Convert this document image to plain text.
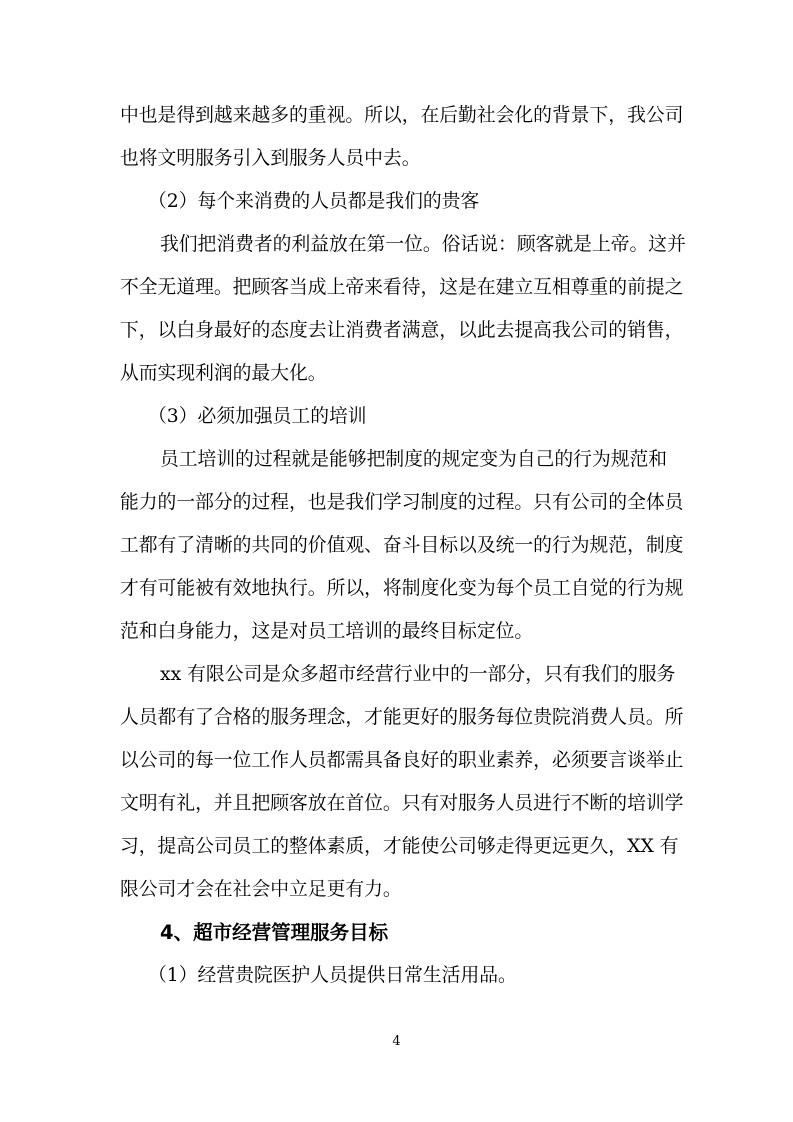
中也是得到越来越多的重视。所以，在后勤社会化的背景下，我公司
也将文明服务引入到服务人员中去。
（2）每个来消费的人员都是我们的贵客
我们把消费者的利益放在第一位。俗话说：顾客就是上帝。这并
不全无道理。把顾客当成上帝来看待，这是在建立互相尊重的前提之
下，以白身最好的态度去让消费者满意，以此去提高我公司的销售，
从而实现利润的最大化。
（3）必须加强员工的培训
员工培训的过程就是能够把制度的规定变为自己的行为规范和
能力的一部分的过程，也是我们学习制度的过程。只有公司的全体员
工都有了清晰的共同的价值观、奋斗目标以及统一的行为规范，制度
才有可能被有效地执行。所以，将制度化变为每个员工自觉的行为规
范和白身能力，这是对员工培训的最终目标定位。
xx 有限公司是众多超市经营行业中的一部分，只有我们的服务
人员都有了合格的服务理念，才能更好的服务每位贵院消费人员。所
以公司的每一位工作人员都需具备良好的职业素养，必须要言谈举止
文明有礼，并且把顾客放在首位。只有对服务人员进行不断的培训学
习，提高公司员工的整体素质，才能使公司够走得更远更久，XX 有
限公司才会在社会中立足更有力。
4、超市经营管理服务目标
（1）经营贵院医护人员提供日常生活用品。
4
